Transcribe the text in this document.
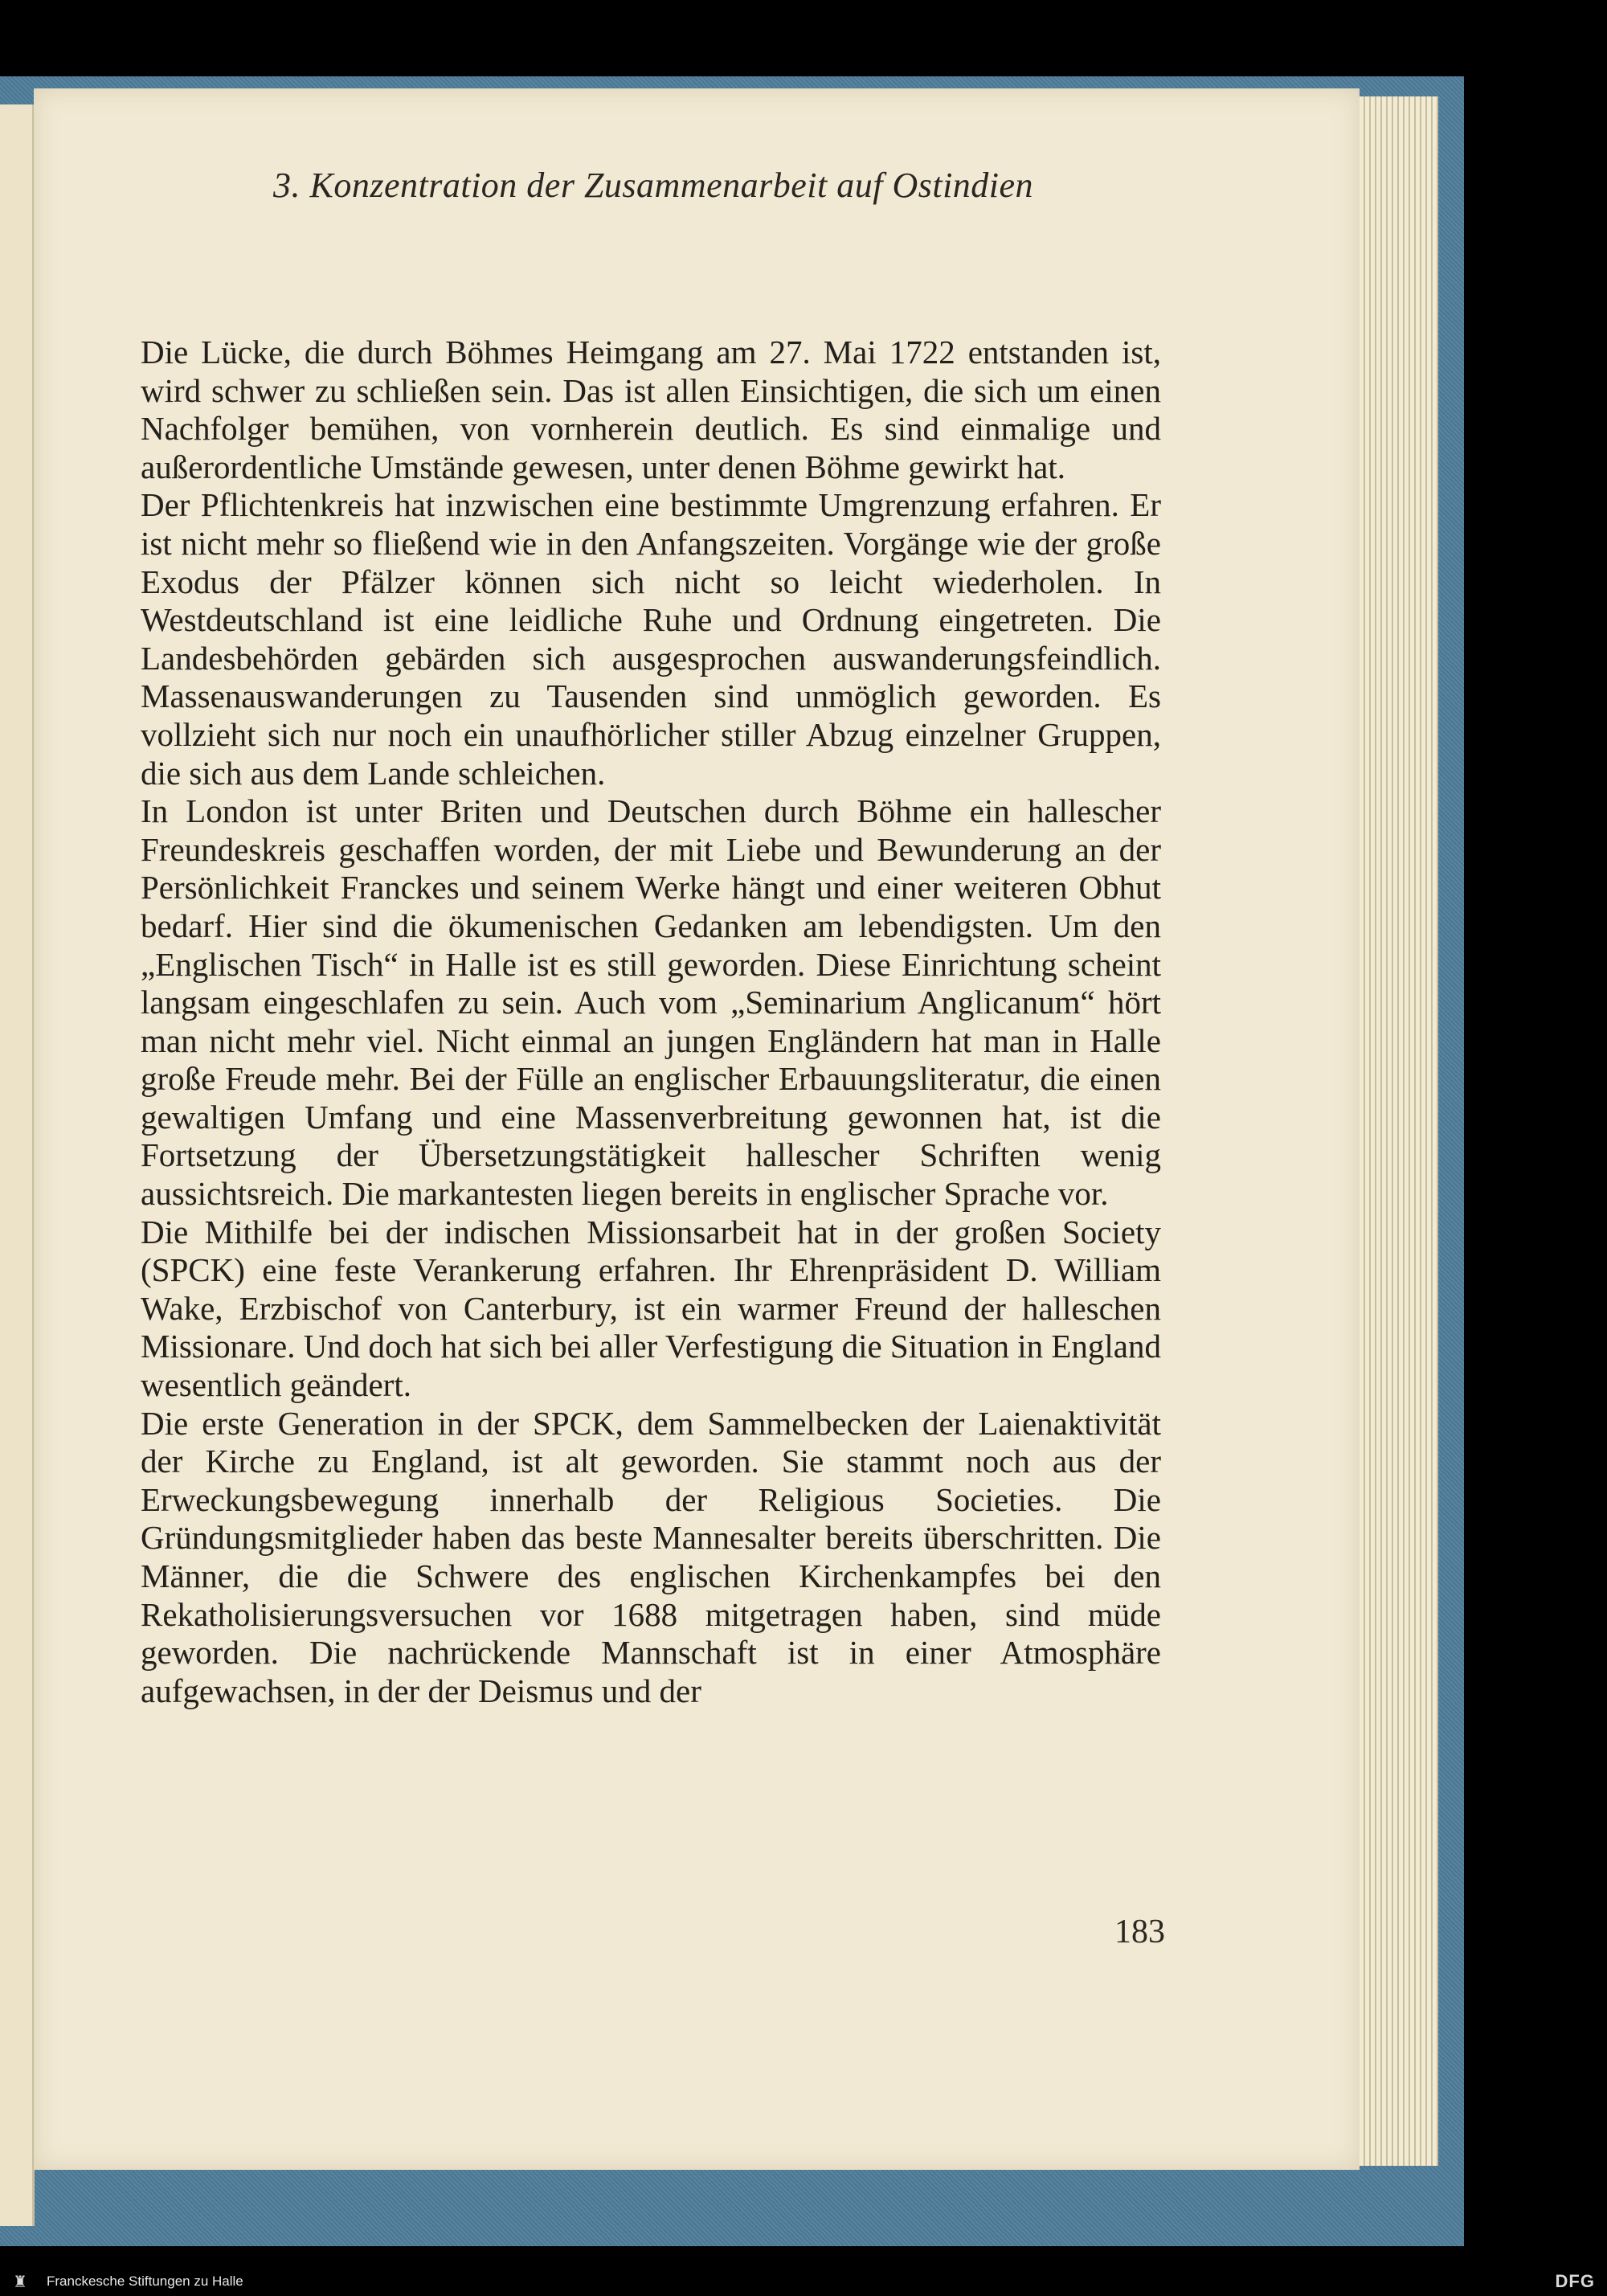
3. Konzentration der Zusammenarbeit auf Ostindien

Die Lücke, die durch Böhmes Heimgang am 27. Mai 1722 entstanden ist, wird schwer zu schließen sein. Das ist allen Einsichtigen, die sich um einen Nachfolger bemühen, von vornherein deutlich. Es sind einmalige und außerordentliche Umstände gewesen, unter denen Böhme gewirkt hat.

Der Pflichtenkreis hat inzwischen eine bestimmte Umgrenzung erfahren. Er ist nicht mehr so fließend wie in den Anfangszeiten. Vorgänge wie der große Exodus der Pfälzer können sich nicht so leicht wiederholen. In Westdeutschland ist eine leidliche Ruhe und Ordnung eingetreten. Die Landesbehörden gebärden sich ausgesprochen auswanderungsfeindlich. Massenauswanderungen zu Tausenden sind unmöglich geworden. Es vollzieht sich nur noch ein unaufhörlicher stiller Abzug einzelner Gruppen, die sich aus dem Lande schleichen.

In London ist unter Briten und Deutschen durch Böhme ein hallescher Freundeskreis geschaffen worden, der mit Liebe und Bewunderung an der Persönlichkeit Franckes und seinem Werke hängt und einer weiteren Obhut bedarf. Hier sind die ökumenischen Gedanken am lebendigsten. Um den „Englischen Tisch“ in Halle ist es still geworden. Diese Einrichtung scheint langsam eingeschlafen zu sein. Auch vom „Seminarium Anglicanum“ hört man nicht mehr viel. Nicht einmal an jungen Engländern hat man in Halle große Freude mehr. Bei der Fülle an englischer Erbauungsliteratur, die einen gewaltigen Umfang und eine Massenverbreitung gewonnen hat, ist die Fortsetzung der Übersetzungstätigkeit hallescher Schriften wenig aussichtsreich. Die markantesten liegen bereits in englischer Sprache vor.

Die Mithilfe bei der indischen Missionsarbeit hat in der großen Society (SPCK) eine feste Verankerung erfahren. Ihr Ehrenpräsident D. William Wake, Erzbischof von Canterbury, ist ein warmer Freund der halleschen Missionare. Und doch hat sich bei aller Verfestigung die Situation in England wesentlich geändert.

Die erste Generation in der SPCK, dem Sammelbecken der Laienaktivität der Kirche zu England, ist alt geworden. Sie stammt noch aus der Erweckungsbewegung innerhalb der Religious Societies. Die Gründungsmitglieder haben das beste Mannesalter bereits überschritten. Die Männer, die die Schwere des englischen Kirchenkampfes bei den Rekatholisierungsversuchen vor 1688 mitgetragen haben, sind müde geworden. Die nachrückende Mannschaft ist in einer Atmosphäre aufgewachsen, in der der Deismus und der

183
♜	Franckesche Stiftungen zu Halle	DFG
